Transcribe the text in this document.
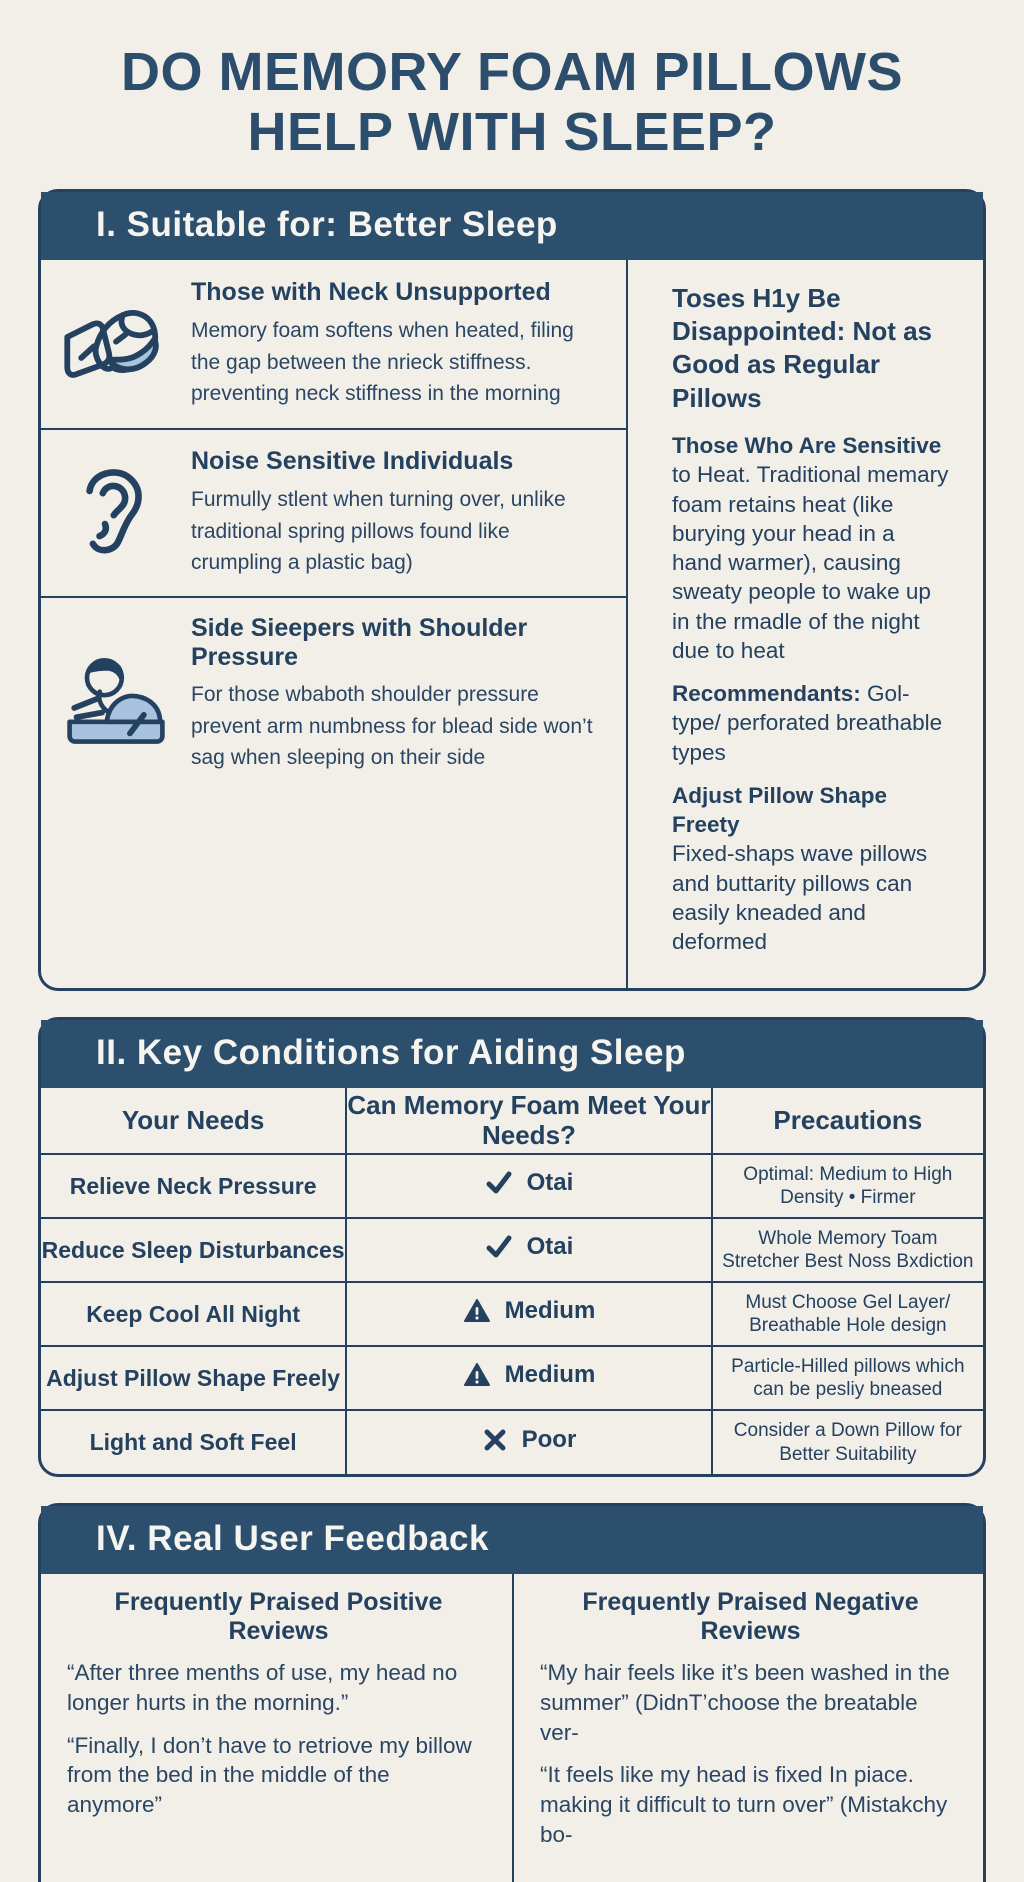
DO MEMORY FOAM PILLOWS
HELP WITH SLEEP?
I. Suitable for: Better Sleep
Those with Neck Unsupported
Memory foam softens when heated, filing the gap between the nrieck stiffness. preventing neck stiffness in the morning
Noise Sensitive Individuals
Furmully stlent when turning over, unlike traditional spring pillows found like crumpling a plastic bag)
Side Sieepers with Shoulder Pressure
For those wbaboth shoulder pressure prevent arm numbness for blead side won’t sag when sleeping on their side
Toses H1y Be Disappointed: Not as Good as Regular Pillows

Those Who Are Sensitive to Heat. Traditional memary foam retains heat (like burying your head in a hand warmer), causing sweaty people to wake up in the rmadle of the night due to heat

Recommendants: Gol-type/ perforated breathable types

Adjust Pillow Shape Freety
Fixed-shaps wave pillows and buttarity pillows can easily kneaded and deformed

II. Key Conditions for Aiding Sleep
Your Needs	Can Memory Foam Meet Your Needs?	Precautions
Relieve Neck Pressure	Otai	Optimal: Medium to High Density • Firmer
Reduce Sleep Disturbances	Otai	Whole Memory Toam Stretcher Best Noss Bxdiction
Keep Cool All Night	Medium	Must Choose Gel Layer/ Breathable Hole design
Adjust Pillow Shape Freely	Medium	Particle-Hilled pillows which can be pesliy bneased
Light and Soft Feel	Poor	Consider a Down Pillow for Better Suitability
IV. Real User Feedback
Frequently Praised Positive Reviews
“After three menths of use, my head no longer hurts in the morning.”
“Finally, I don’t have to retriove my billow from the bed in the middle of the anymore”
Frequently Praised Negative Reviews
“My hair feels like it’s been washed in the summer” (DidnT’choose the breatable ver-
“It feels like my head is fixed In piace. making it difficult to turn over” (Mistakchy bo-
